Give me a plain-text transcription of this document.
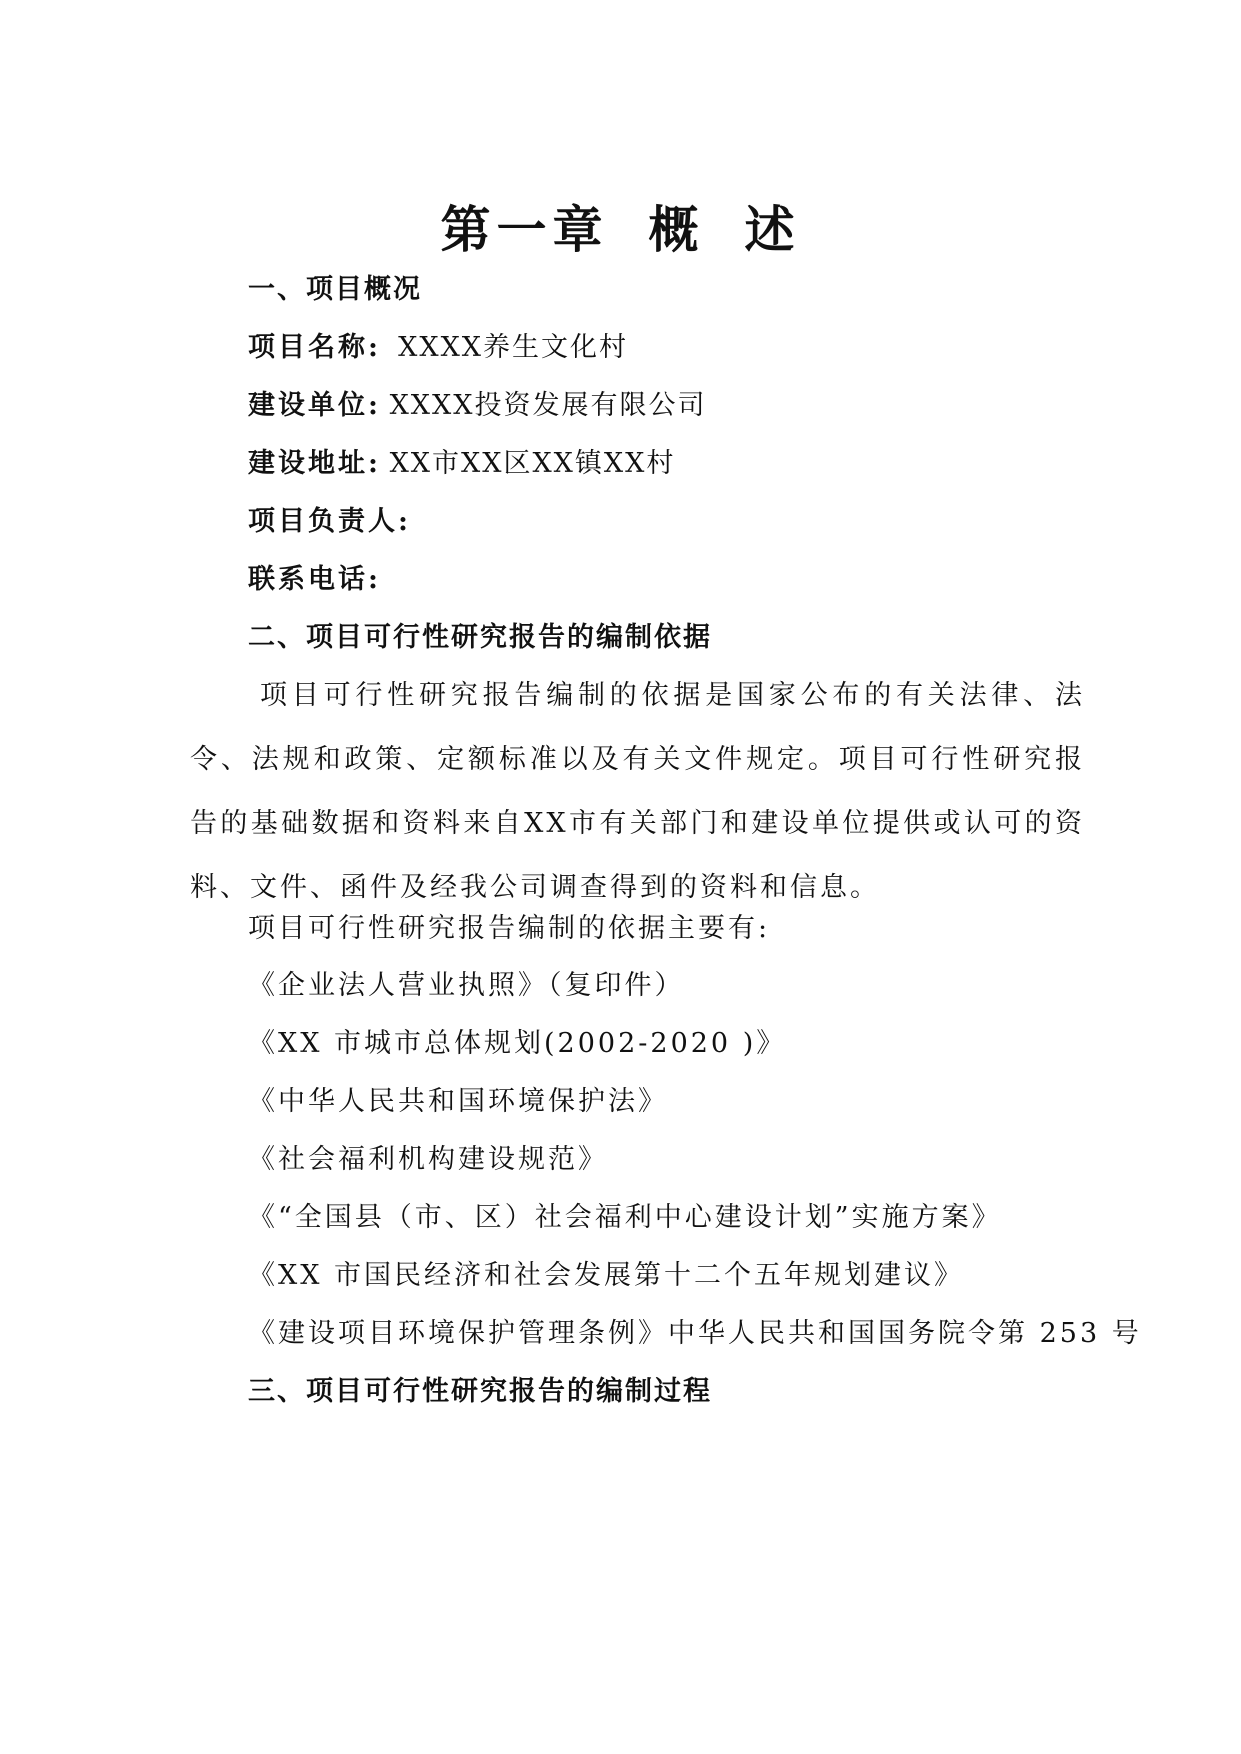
第一章 概 述
一、项目概况
项目名称: XXXX养生文化村
建设单位: XXXX投资发展有限公司
建设地址: XX市XX区XX镇XX村
项目负责人:
联系电话:
二、项目可行性研究报告的编制依据
项目可行性研究报告编制的依据是国家公布的有关法律、法令、法规和政策、定额标准以及有关文件规定。项目可行性研究报告的基础数据和资料来自XX市有关部门和建设单位提供或认可的资料、文件、函件及经我公司调查得到的资料和信息。
项目可行性研究报告编制的依据主要有:
《企业法人营业执照》（复印件）
《XX 市城市总体规划(2002-2020 )》
《中华人民共和国环境保护法》
《社会福利机构建设规范》
《“全国县（市、区）社会福利中心建设计划”实施方案》
《XX 市国民经济和社会发展第十二个五年规划建议》
《建设项目环境保护管理条例》中华人民共和国国务院令第 253 号
三、项目可行性研究报告的编制过程
